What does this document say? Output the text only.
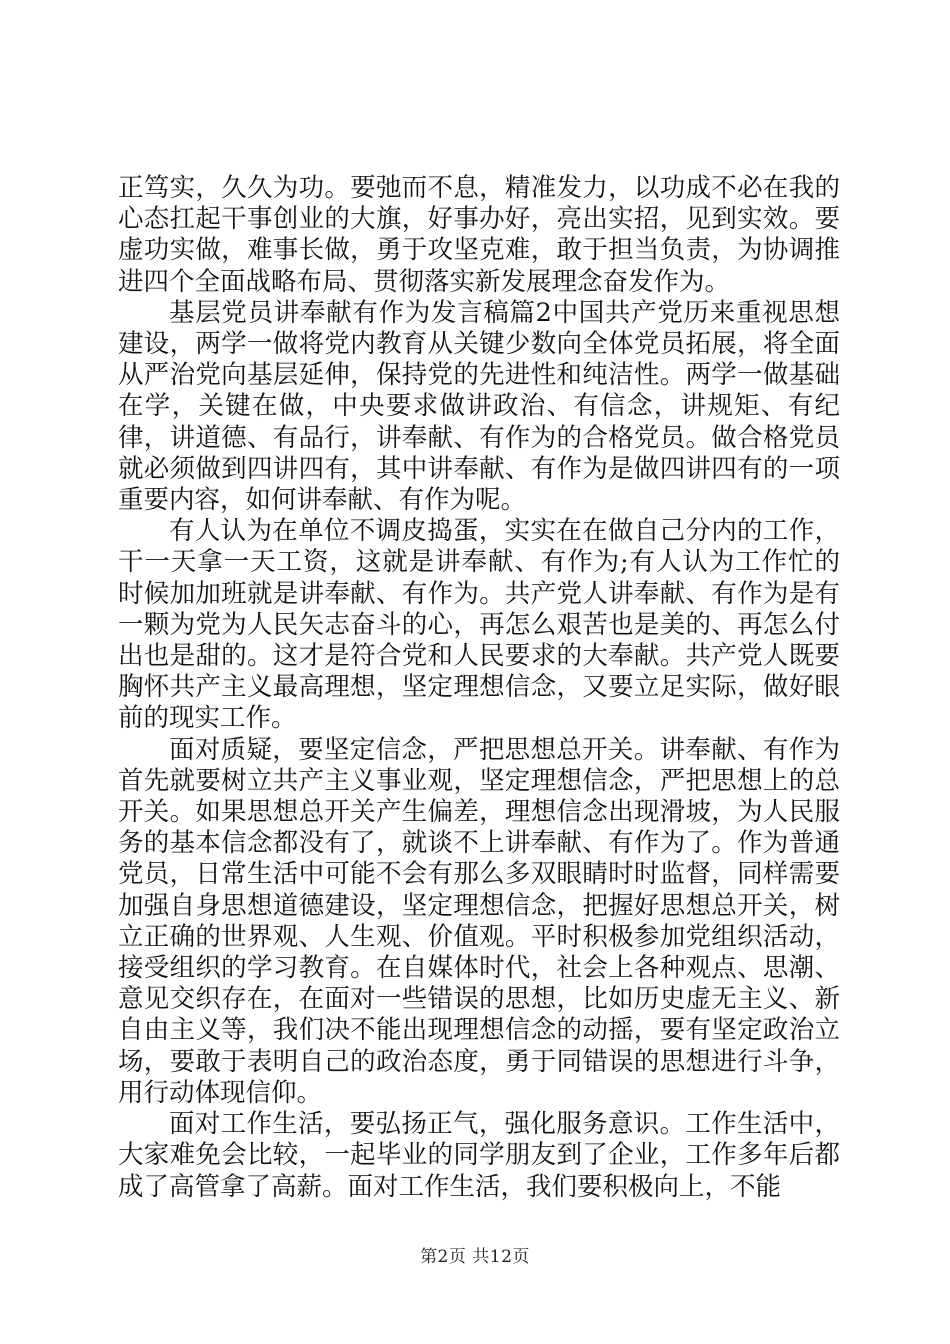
正笃实，久久为功。要弛而不息，精准发力，以功成不必在我的心态扛起干事创业的大旗，好事办好，亮出实招，见到实效。要虚功实做，难事长做，勇于攻坚克难，敢于担当负责，为协调推进四个全面战略布局、贯彻落实新发展理念奋发作为。

基层党员讲奉献有作为发言稿篇2中国共产党历来重视思想建设，两学一做将党内教育从关键少数向全体党员拓展，将全面从严治党向基层延伸，保持党的先进性和纯洁性。两学一做基础在学，关键在做，中央要求做讲政治、有信念，讲规矩、有纪律，讲道德、有品行，讲奉献、有作为的合格党员。做合格党员就必须做到四讲四有，其中讲奉献、有作为是做四讲四有的一项重要内容，如何讲奉献、有作为呢。

有人认为在单位不调皮捣蛋，实实在在做自己分内的工作，干一天拿一天工资，这就是讲奉献、有作为;有人认为工作忙的时候加加班就是讲奉献、有作为。共产党人讲奉献、有作为是有一颗为党为人民矢志奋斗的心，再怎么艰苦也是美的、再怎么付出也是甜的。这才是符合党和人民要求的大奉献。共产党人既要胸怀共产主义最高理想，坚定理想信念，又要立足实际，做好眼前的现实工作。

面对质疑，要坚定信念，严把思想总开关。讲奉献、有作为首先就要树立共产主义事业观，坚定理想信念，严把思想上的总开关。如果思想总开关产生偏差，理想信念出现滑坡，为人民服务的基本信念都没有了，就谈不上讲奉献、有作为了。作为普通党员，日常生活中可能不会有那么多双眼睛时时监督，同样需要加强自身思想道德建设，坚定理想信念，把握好思想总开关，树立正确的世界观、人生观、价值观。平时积极参加党组织活动，接受组织的学习教育。在自媒体时代，社会上各种观点、思潮、意见交织存在，在面对一些错误的思想，比如历史虚无主义、新自由主义等，我们决不能出现理想信念的动摇，要有坚定政治立场，要敢于表明自己的政治态度，勇于同错误的思想进行斗争，用行动体现信仰。

面对工作生活，要弘扬正气，强化服务意识。工作生活中，大家难免会比较，一起毕业的同学朋友到了企业，工作多年后都成了高管拿了高薪。面对工作生活，我们要积极向上，不能

第2页 共12页
